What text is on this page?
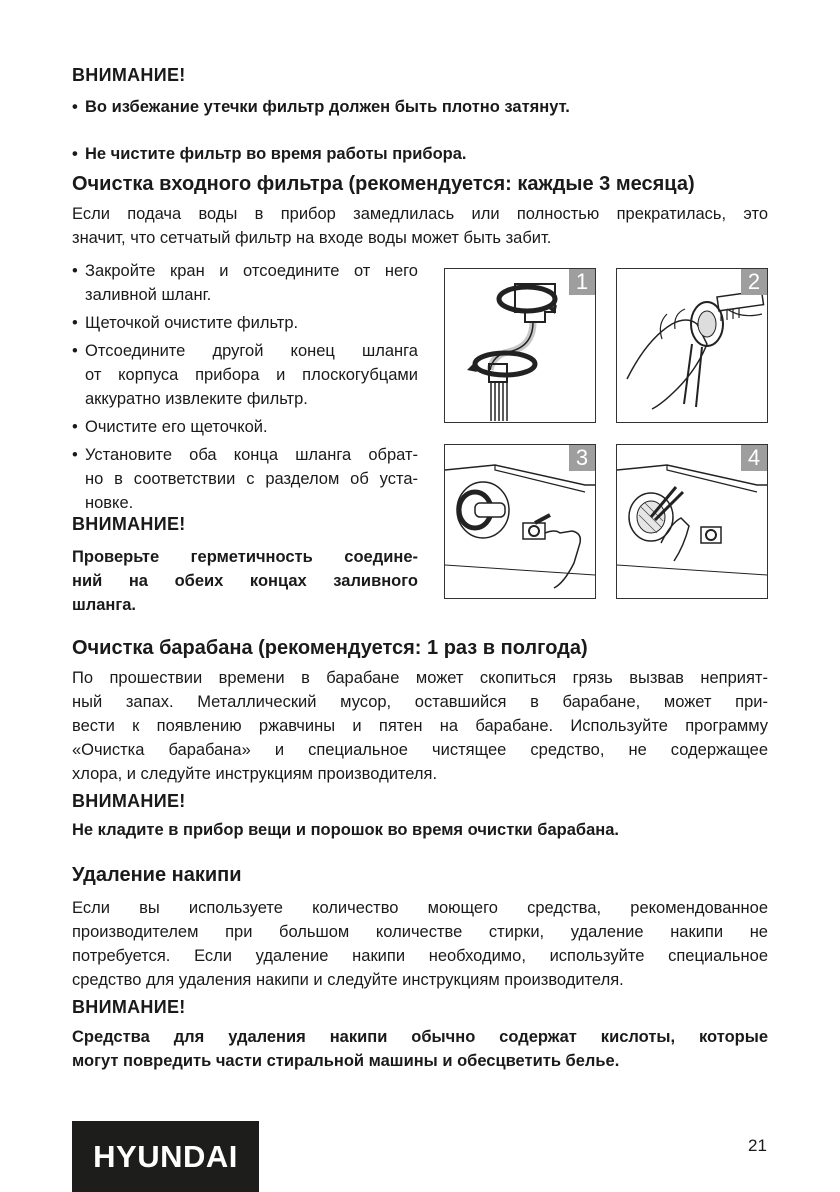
ВНИМАНИЕ!
• Во избежание утечки фильтр должен быть плотно затянут.
• Не чистите фильтр во время работы прибора.
Очистка входного фильтра (рекомендуется: каждые 3 месяца)
Если подача воды в прибор замедлилась или полностью прекратилась, это
значит, что сетчатый фильтр на входе воды может быть забит.
• Закройте кран и отсоедините от него
заливной шланг.
• Щеточкой очистите фильтр.
• Отсоедините другой конец шланга
от корпуса прибора и плоскогубцами
аккуратно извлеките фильтр.
• Очистите его щеточкой.
• Установите оба конца шланга обрат-
но в соответствии с разделом об уста-
новке.
ВНИМАНИЕ!
Проверьте герметичность соедине-
ний на обеих концах заливного
шланга.
1	2
3	4
Очистка барабана (рекомендуется: 1 раз в полгода)
По прошествии времени в барабане может скопиться грязь вызвав неприят-
ный запах. Металлический мусор, оставшийся в барабане, может при-
вести к появлению ржавчины и пятен на барабане. Используйте программу
«Очистка барабана» и специальное чистящее средство, не содержащее
хлора, и следуйте инструкциям производителя.
ВНИМАНИЕ!
Не кладите в прибор вещи и порошок во время очистки барабана.
Удаление накипи
Если вы используете количество моющего средства, рекомендованное
производителем при большом количестве стирки, удаление накипи не
потребуется. Если удаление накипи необходимо, используйте специальное
средство для удаления накипи и следуйте инструкциям производителя.
ВНИМАНИЕ!
Средства для удаления накипи обычно содержат кислоты, которые
могут повредить части стиральной машины и обесцветить белье.
HYUNDAI	21
